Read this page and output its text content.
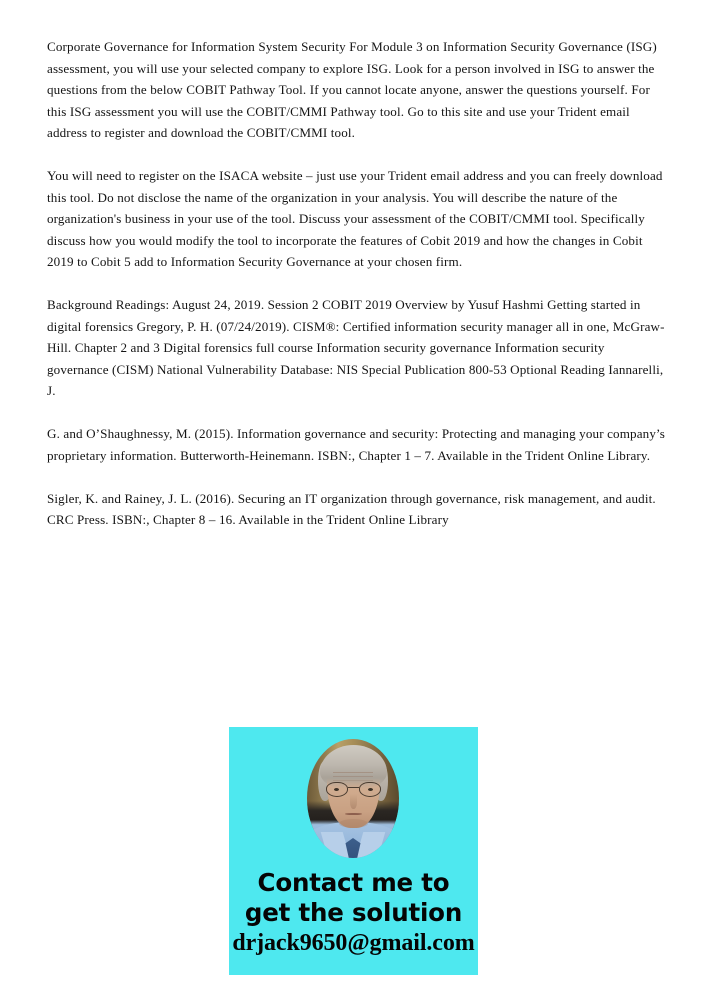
Corporate Governance for Information System Security For Module 3 on Information Security Governance (ISG) assessment, you will use your selected company to explore ISG. Look for a person involved in ISG to answer the questions from the below COBIT Pathway Tool. If you cannot locate anyone, answer the questions yourself. For this ISG assessment you will use the COBIT/CMMI Pathway tool. Go to this site and use your Trident email address to register and download the COBIT/CMMI tool.

You will need to register on the ISACA website – just use your Trident email address and you can freely download this tool. Do not disclose the name of the organization in your analysis. You will describe the nature of the organization's business in your use of the tool. Discuss your assessment of the COBIT/CMMI tool. Specifically discuss how you would modify the tool to incorporate the features of Cobit 2019 and how the changes in Cobit 2019 to Cobit 5 add to Information Security Governance at your chosen firm.

Background Readings: August 24, 2019. Session 2 COBIT 2019 Overview by Yusuf Hashmi Getting started in digital forensics Gregory, P. H. (07/24/2019). CISM®: Certified information security manager all in one, McGraw-Hill. Chapter 2 and 3 Digital forensics full course Information security governance Information security governance (CISM) National Vulnerability Database: NIS Special Publication 800-53 Optional Reading Iannarelli, J.

G. and O’Shaughnessy, M. (2015). Information governance and security: Protecting and managing your company’s proprietary information. Butterworth-Heinemann. ISBN:, Chapter 1 – 7. Available in the Trident Online Library.

Sigler, K. and Rainey, J. L. (2016). Securing an IT organization through governance, risk management, and audit. CRC Press. ISBN:, Chapter 8 – 16. Available in the Trident Online Library

Contact me to
get the solution
drjack9650@gmail.com
